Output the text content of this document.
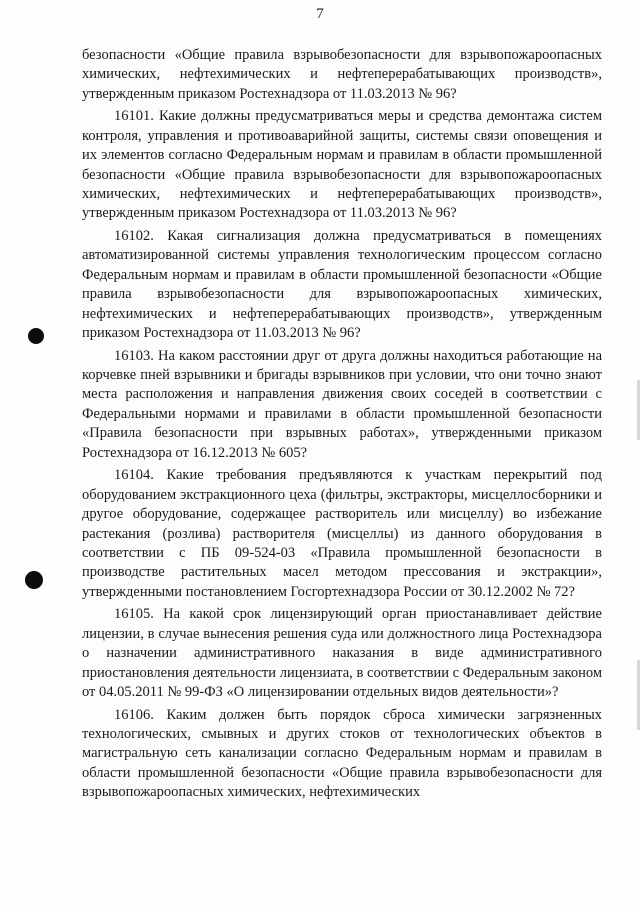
7

безопасности «Общие правила взрывобезопасности для взрывопожароопасных химических, нефтехимических и нефтеперерабатывающих производств», утвержденным приказом Ростехнадзора от 11.03.2013 № 96?

16101. Какие должны предусматриваться меры и средства демонтажа систем контроля, управления и противоаварийной защиты, системы связи оповещения и их элементов согласно Федеральным нормам и правилам в области промышленной безопасности «Общие правила взрывобезопасности для взрывопожароопасных химических, нефтехимических и нефтеперерабатывающих производств», утвержденным приказом Ростехнадзора от 11.03.2013 № 96?

16102. Какая сигнализация должна предусматриваться в помещениях автоматизированной системы управления технологическим процессом согласно Федеральным нормам и правилам в области промышленной безопасности «Общие правила взрывобезопасности для взрывопожароопасных химических, нефтехимических и нефтеперерабатывающих производств», утвержденным приказом Ростехнадзора от 11.03.2013 № 96?

16103. На каком расстоянии друг от друга должны находиться работающие на корчевке пней взрывники и бригады взрывников при условии, что они точно знают места расположения и направления движения своих соседей в соответствии с Федеральными нормами и правилами в области промышленной безопасности «Правила безопасности при взрывных работах», утвержденными приказом Ростехнадзора от 16.12.2013 № 605?

16104. Какие требования предъявляются к участкам перекрытий под оборудованием экстракционного цеха (фильтры, экстракторы, мисцеллосборники и другое оборудование, содержащее растворитель или мисцеллу) во избежание растекания (розлива) растворителя (мисцеллы) из данного оборудования в соответствии с ПБ 09-524-03 «Правила промышленной безопасности в производстве растительных масел методом прессования и экстракции», утвержденными постановлением Госгортехнадзора России от 30.12.2002 № 72?

16105. На какой срок лицензирующий орган приостанавливает действие лицензии, в случае вынесения решения суда или должностного лица Ростехнадзора о назначении административного наказания в виде административного приостановления деятельности лицензиата, в соответствии с Федеральным законом от 04.05.2011 № 99-ФЗ «О лицензировании отдельных видов деятельности»?

16106. Каким должен быть порядок сброса химически загрязненных технологических, смывных и других стоков от технологических объектов в магистральную сеть канализации согласно Федеральным нормам и правилам в области промышленной безопасности «Общие правила взрывобезопасности для взрывопожароопасных химических, нефтехимических
